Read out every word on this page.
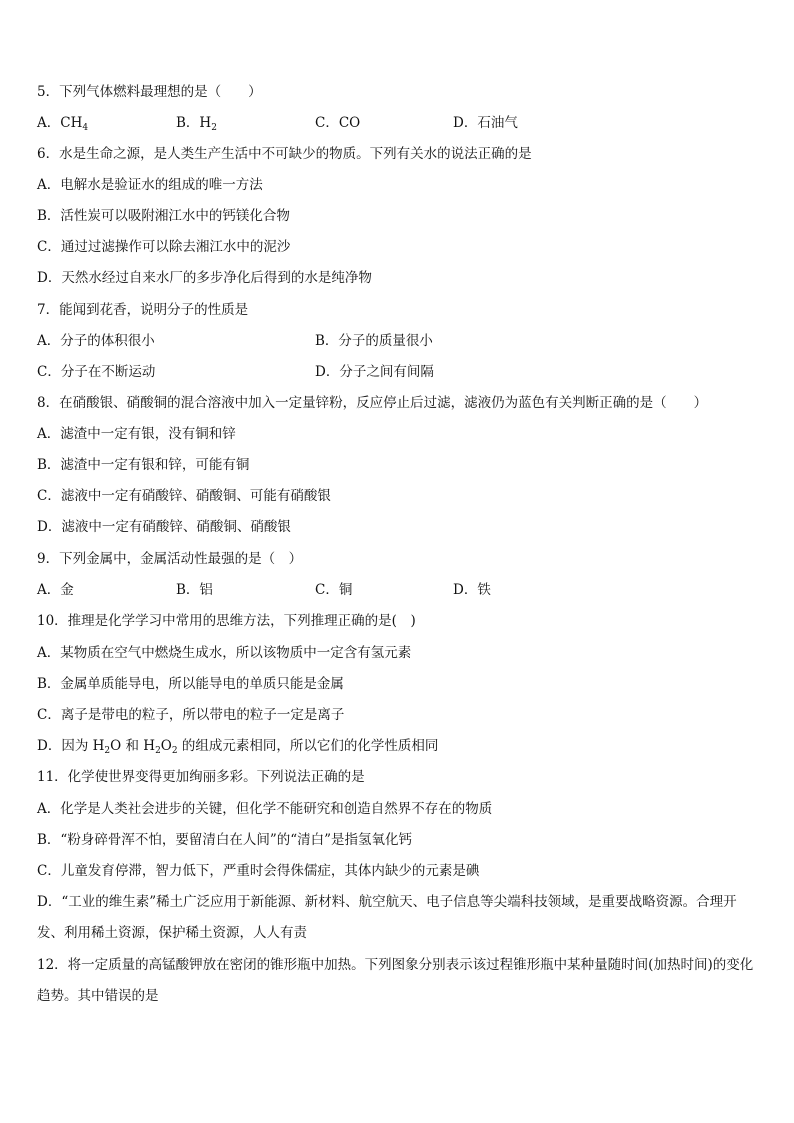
5．下列气体燃料最理想的是（　　）
A．$CH_4$	B．$H_2$	C．CO	D．石油气
6．水是生命之源，是人类生产生活中不可缺少的物质。下列有关水的说法正确的是
A．电解水是验证水的组成的唯一方法
B．活性炭可以吸附湘江水中的钙镁化合物
C．通过过滤操作可以除去湘江水中的泥沙
D．天然水经过自来水厂的多步净化后得到的水是纯净物
7．能闻到花香，说明分子的性质是
A．分子的体积很小	B．分子的质量很小
C．分子在不断运动	D．分子之间有间隔
8．在硝酸银、硝酸铜的混合溶液中加入一定量锌粉，反应停止后过滤，滤液仍为蓝色有关判断正确的是（　　）
A．滤渣中一定有银，没有铜和锌
B．滤渣中一定有银和锌，可能有铜
C．滤液中一定有硝酸锌、硝酸铜、可能有硝酸银
D．滤液中一定有硝酸锌、硝酸铜、硝酸银
9．下列金属中，金属活动性最强的是（　）
A．金	B．铝	C．铜	D．铁
10．推理是化学学习中常用的思维方法，下列推理正确的是(　)
A．某物质在空气中燃烧生成水，所以该物质中一定含有氢元素
B．金属单质能导电，所以能导电的单质只能是金属
C．离子是带电的粒子，所以带电的粒子一定是离子
D．因为 $H_2O$ 和 $H_2O_2$ 的组成元素相同，所以它们的化学性质相同
11．化学使世界变得更加绚丽多彩。下列说法正确的是
A．化学是人类社会进步的关键，但化学不能研究和创造自然界不存在的物质
B．“粉身碎骨浑不怕，要留清白在人间”的“清白”是指氢氧化钙
C．儿童发育停滞，智力低下，严重时会得侏儒症，其体内缺少的元素是碘
D．“工业的维生素”稀土广泛应用于新能源、新材料、航空航天、电子信息等尖端科技领域，是重要战略资源。合理开发、利用稀土资源，保护稀土资源，人人有责
12．将一定质量的高锰酸钾放在密闭的锥形瓶中加热。下列图象分别表示该过程锥形瓶中某种量随时间(加热时间)的变化趋势。其中错误的是
